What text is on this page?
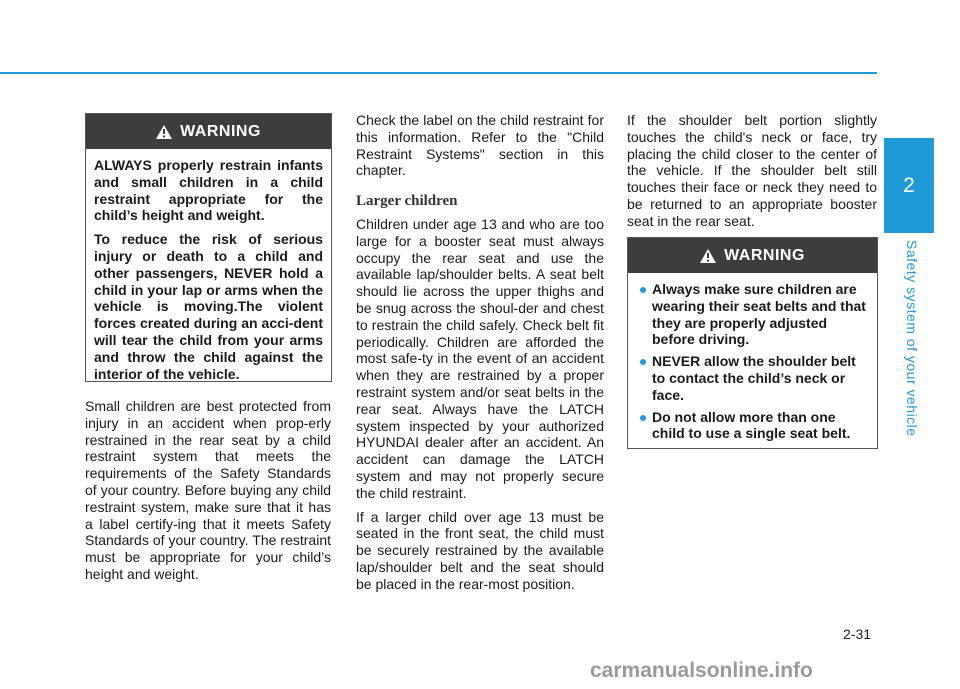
2
Safety system of your vehicle
WARNING

ALWAYS properly restrain infants and small children in a child restraint appropriate for the child’s height and weight.

To reduce the risk of serious injury or death to a child and other passengers, NEVER hold a child in your lap or arms when the vehicle is moving.The violent forces created during an acci-dent will tear the child from your arms and throw the child against the interior of the vehicle.

Small children are best protected from injury in an accident when prop-erly restrained in the rear seat by a child restraint system that meets the requirements of the Safety Standards of your country. Before buying any child restraint system, make sure that it has a label certify-ing that it meets Safety Standards of your country. The restraint must be appropriate for your child’s height and weight.

Check the label on the child restraint for this information. Refer to the "Child Restraint Systems" section in this chapter.

Larger children

Children under age 13 and who are too large for a booster seat must always occupy the rear seat and use the available lap/shoulder belts. A seat belt should lie across the upper thighs and be snug across the shoul-der and chest to restrain the child safely. Check belt fit periodically. Children are afforded the most safe-ty in the event of an accident when they are restrained by a proper restraint system and/or seat belts in the rear seat. Always have the LATCH system inspected by your authorized HYUNDAI dealer after an accident. An accident can damage the LATCH system and may not properly secure the child restraint.

If a larger child over age 13 must be seated in the front seat, the child must be securely restrained by the available lap/shoulder belt and the seat should be placed in the rear-most position.

If the shoulder belt portion slightly touches the child's neck or face, try placing the child closer to the center of the vehicle. If the shoulder belt still touches their face or neck they need to be returned to an appropriate booster seat in the rear seat.

WARNING
Always make sure children are wearing their seat belts and that they are properly adjusted before driving.
NEVER allow the shoulder belt to contact the child’s neck or face.
Do not allow more than one child to use a single seat belt.
2-31
carmanualsonline.info
